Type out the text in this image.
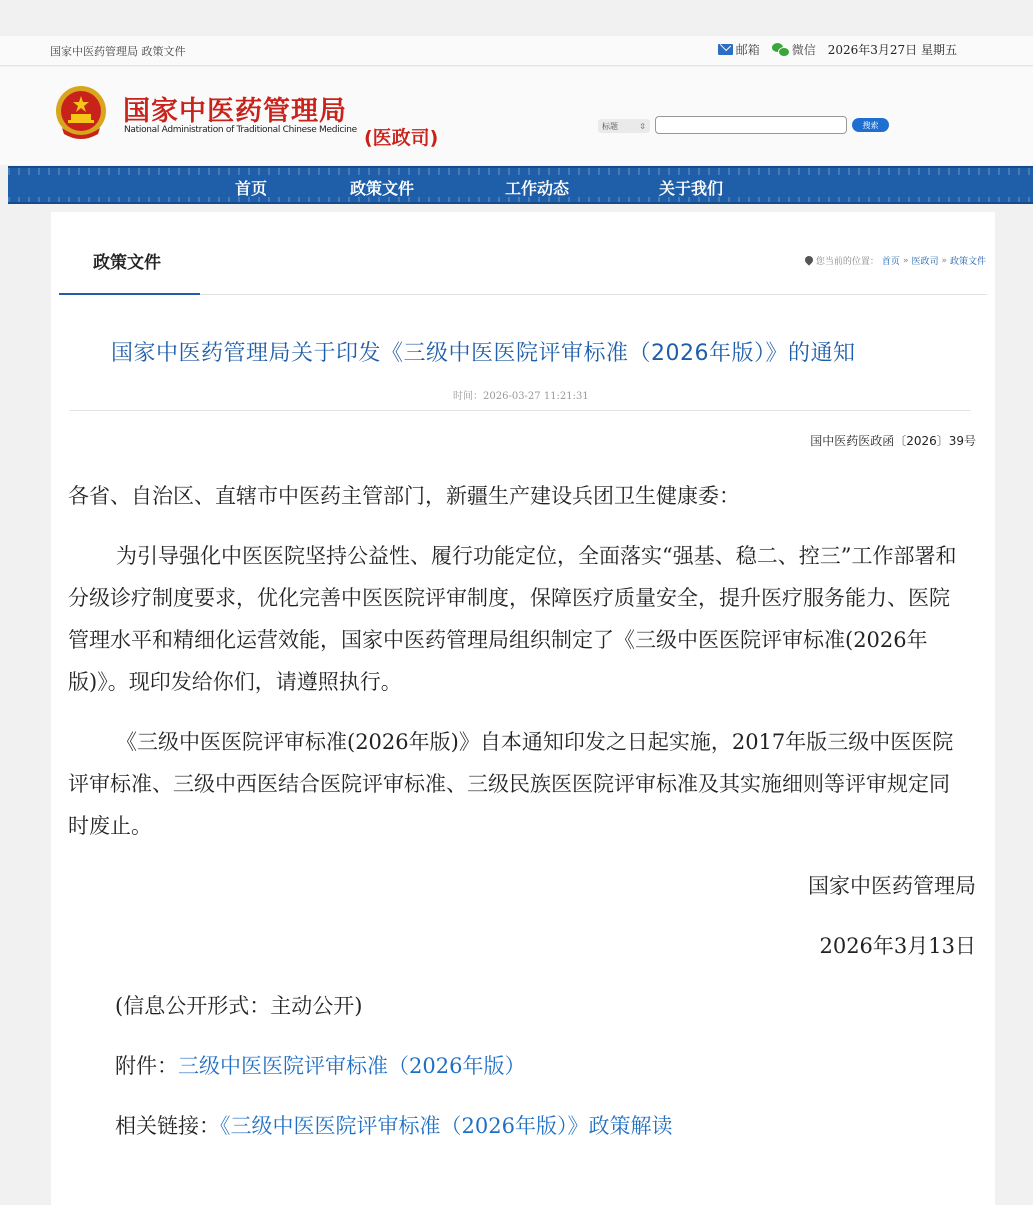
国家中医药管理局 政策文件	邮箱	微信 2026年3月27日 星期五
国家中医药管理局
National Administration of Traditional Chinese Medicine (医政司)
标题	⇳	搜索
首页	政策文件	工作动态	关于我们
政策文件	您当前的位置： 首页 » 医政司 » 政策文件
国家中医药管理局关于印发《三级中医医院评审标准（2026年版）》的通知
时间：2026-03-27 11:21:31
国中医药医政函〔2026〕39号

各省、自治区、直辖市中医药主管部门，新疆生产建设兵团卫生健康委：

为引导强化中医医院坚持公益性、履行功能定位，全面落实“强基、稳二、控三”工作部署和分级诊疗制度要求，优化完善中医医院评审制度，保障医疗质量安全，提升医疗服务能力、医院管理水平和精细化运营效能，国家中医药管理局组织制定了《三级中医医院评审标准(2026年版)》。现印发给你们，请遵照执行。

《三级中医医院评审标准(2026年版)》自本通知印发之日起实施，2017年版三级中医医院评审标准、三级中西医结合医院评审标准、三级民族医医院评审标准及其实施细则等评审规定同时废止。

国家中医药管理局

2026年3月13日

(信息公开形式：主动公开)

附件：三级中医医院评审标准（2026年版）

相关链接：《三级中医医院评审标准（2026年版）》政策解读
